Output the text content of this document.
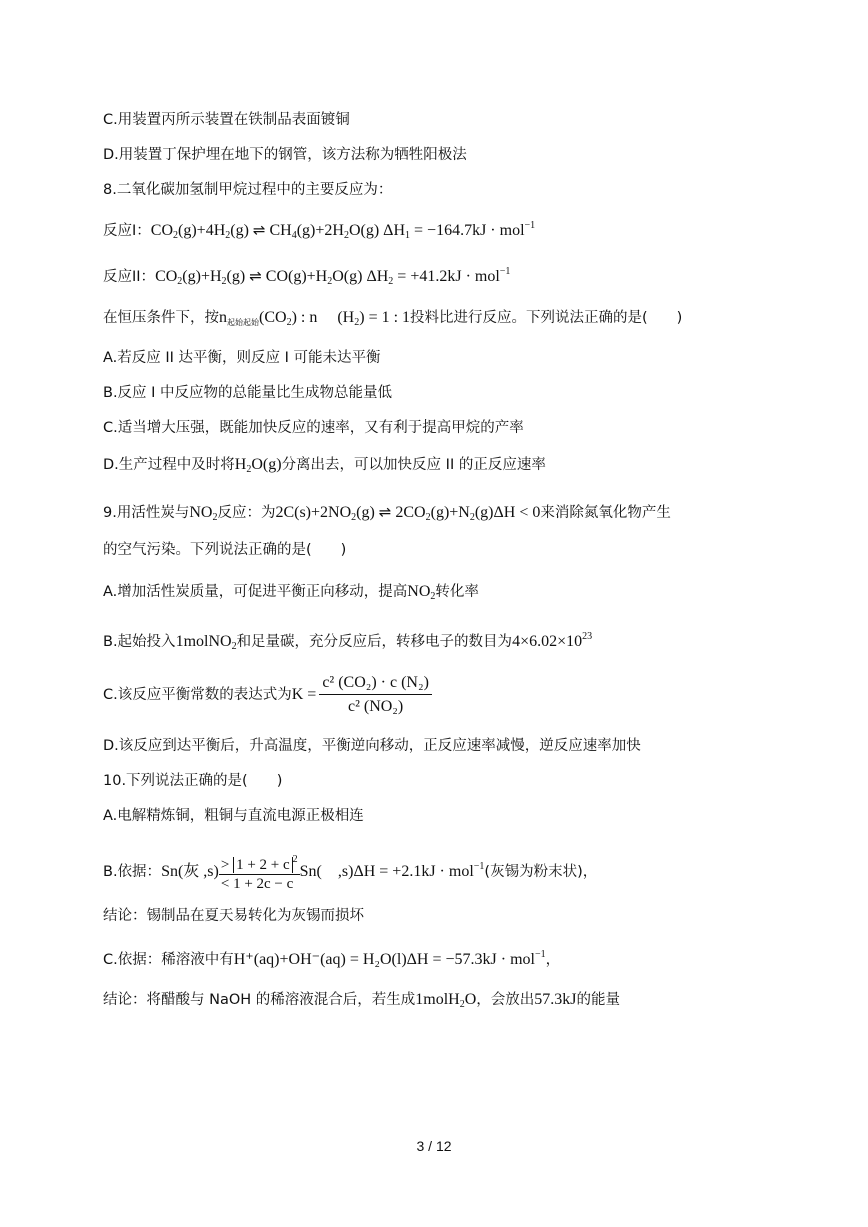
C.用装置丙所示装置在铁制品表面镀铜
D.用装置丁保护埋在地下的钢管，该方法称为牺牲阳极法
8.二氧化碳加氢制甲烷过程中的主要反应为：
反应I：$CO_2(g)+4H_2(g)$ ⇌ $CH_4(g)+2H_2O(g) \Delta H_1 = -164.7kJ \cdot mol^{-1}$
反应II：$CO_2(g)+H_2(g)$ ⇌ $CO(g)+H_2O(g) \Delta H_2 = +41.2kJ \cdot mol^{-1}$
在恒压条件下，按$n_{起始起始}(CO_2)$ : n　 $(H_2) = 1$ : 1投料比进行反应。下列说法正确的是(　　)
A.若反应 II 达平衡，则反应 I 可能未达平衡
B.反应 I 中反应物的总能量比生成物总能量低
C.适当增大压强，既能加快反应的速率，又有利于提高甲烷的产率
D.生产过程中及时将$H_2O(g)$分离出去，可以加快反应 II 的正反应速率
9.用活性炭与$NO_2$反应：为$2C(s)+2NO_2(g)$ ⇌ $2CO_2(g)+N_2(g)\Delta H < 0$来消除氮氧化物产生
的空气污染。下列说法正确的是(　　)
A.增加活性炭质量，可促进平衡正向移动，提高$NO_2$转化率
B.起始投入1molNO$_2$和足量碳，充分反应后，转移电子的数目为$4\times 6.02\times 10^{23}$
C.该反应平衡常数的表达式为$K = \frac{\text{c² (CO₂) · c (N₂)}}{\text{c² (NO₂)}}$
D.该反应到达平衡后，升高温度，平衡逆向移动，正反应速率减慢，逆反应速率加快
10.下列说法正确的是(　　)
A.电解精炼铜，粗铜与直流电源正极相连
B.依据：Sn(灰 $,s) \frac{> 1 + 2 + c ^2}{< 1 + 2c - c} Sn$(　,s)ΔH = +2.1kJ · mol$^{-1}$(灰锡为粉末状)，
结论：锡制品在夏天易转化为灰锡而损坏
C.依据：稀溶液中有H⁺(aq)+OH⁻(aq) = H₂O(l)ΔH = −57.3kJ · mol$^{-1}$，
结论：将醋酸与 NaOH 的稀溶液混合后，若生成1molH$_2$O，会放出57.3kJ的能量
3 / 12
